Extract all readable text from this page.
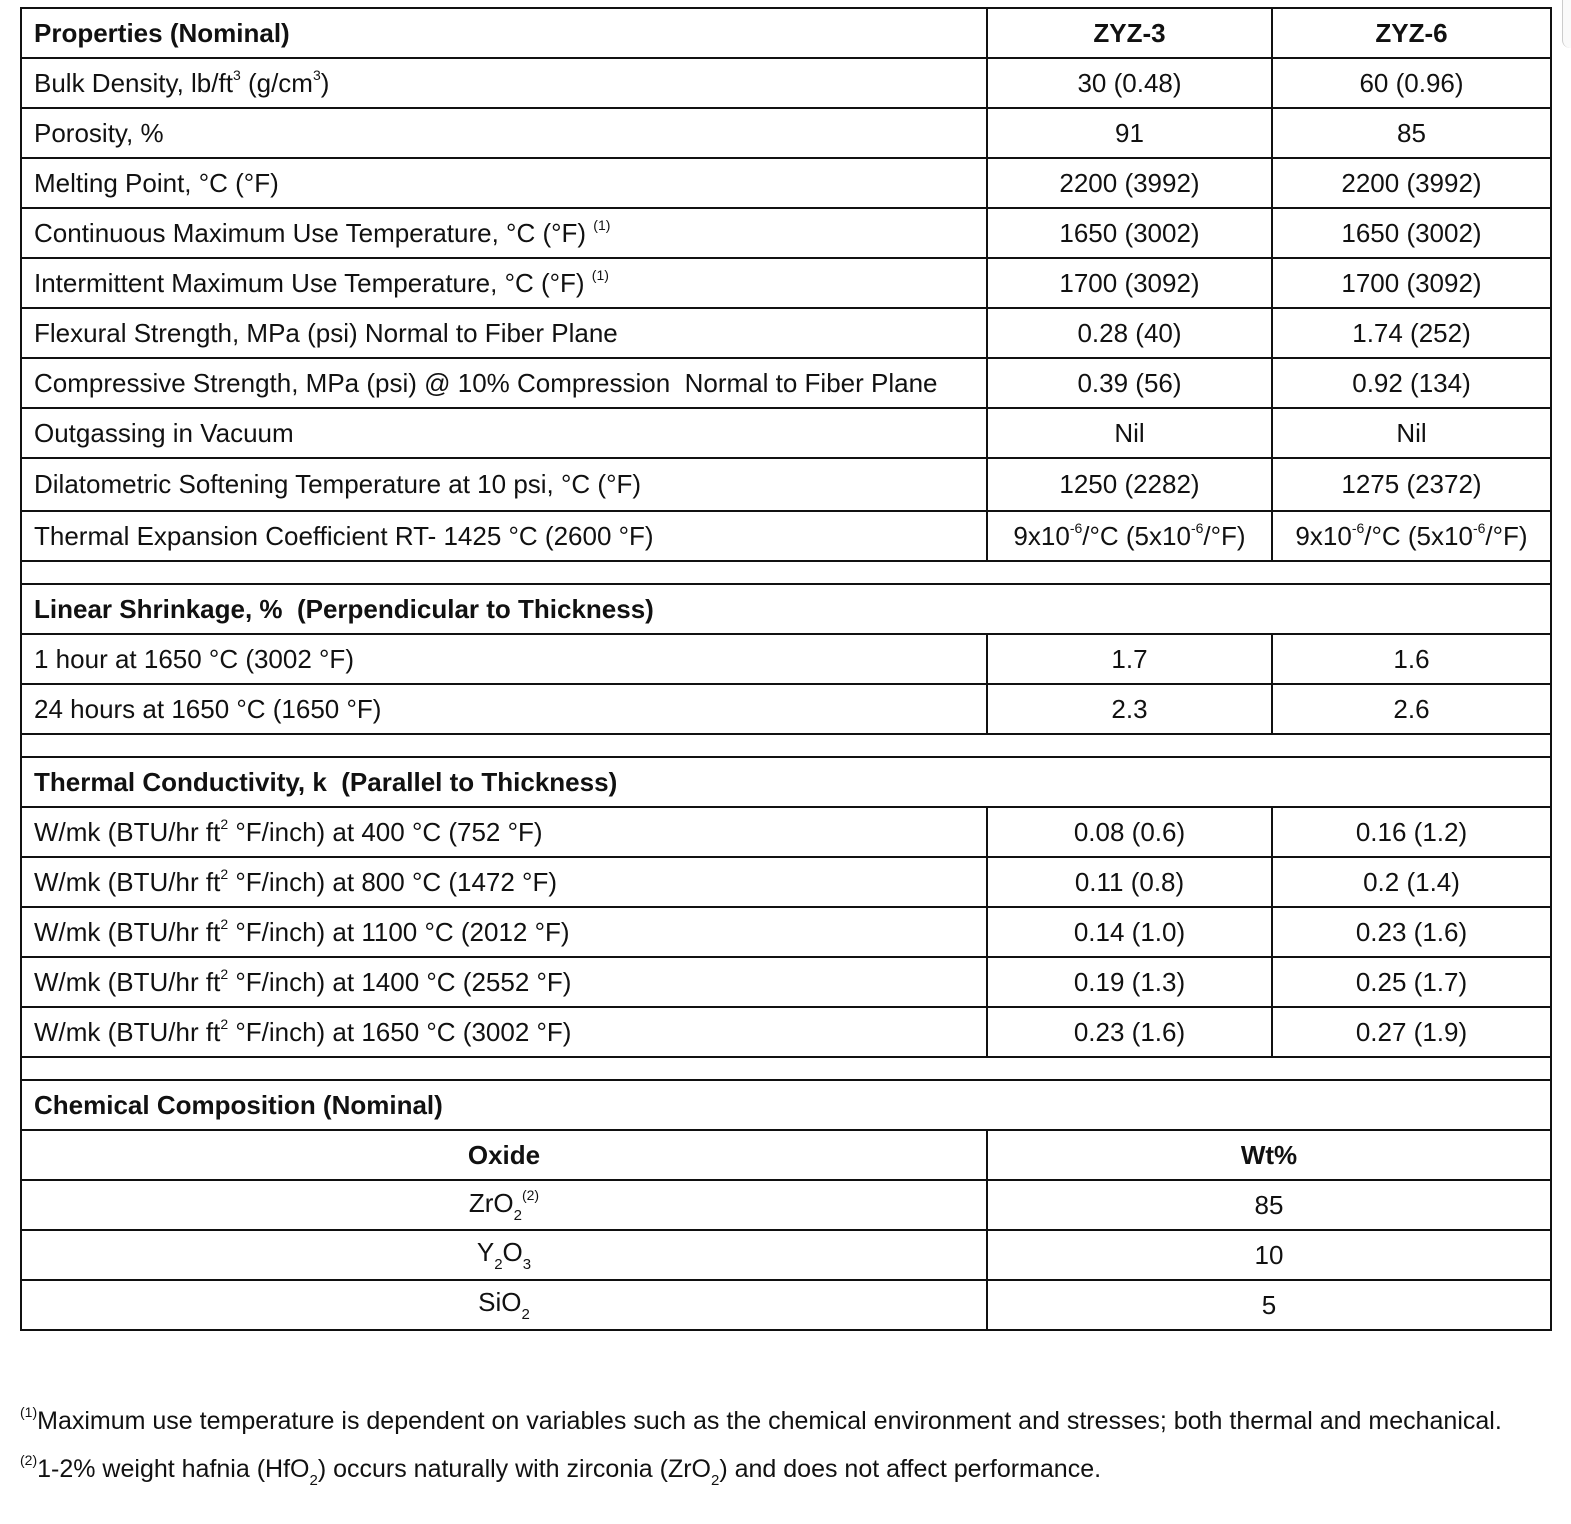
Properties (Nominal)	ZYZ-3	ZYZ-6
Bulk Density, $lb/ft^3$ $(g/cm^3)$	30 (0.48)	60 (0.96)
Porosity, %	91	85
Melting Point, °C (°F)	2200 (3992)	2200 (3992)
Continuous Maximum Use Temperature, °C (°F) $^{(1)}$	1650 (3002)	1650 (3002)
Intermittent Maximum Use Temperature, °C (°F) $^{(1)}$	1700 (3092)	1700 (3092)
Flexural Strength, MPa (psi) Normal to Fiber Plane	0.28 (40)	1.74 (252)
Compressive Strength, MPa (psi) @ 10% Compression  Normal to Fiber Plane	0.39 (56)	0.92 (134)
Outgassing in Vacuum	Nil	Nil
Dilatometric Softening Temperature at 10 psi, °C (°F)	1250 (2282)	1275 (2372)
Thermal Expansion Coefficient RT- 1425 °C (2600 °F)	$9x10^{-6}/^\circ C$ $(5x10^{-6}/^\circ F)$	$9x10^{-6}/^\circ C$ $(5x10^{-6}/^\circ F)$

Linear Shrinkage, %  (Perpendicular to Thickness)		
1 hour at 1650 °C (3002 °F)	1.7	1.6
24 hours at 1650 °C (1650 °F)	2.3	2.6

Thermal Conductivity, k  (Parallel to Thickness)		
W/mk (BTU/hr $ft^2$ °F/inch) at 400 °C (752 °F)	0.08 (0.6)	0.16 (1.2)
W/mk (BTU/hr $ft^2$ °F/inch) at 800 °C (1472 °F)	0.11 (0.8)	0.2 (1.4)
W/mk (BTU/hr $ft^2$ °F/inch) at 1100 °C (2012 °F)	0.14 (1.0)	0.23 (1.6)
W/mk (BTU/hr $ft^2$ °F/inch) at 1400 °C (2552 °F)	0.19 (1.3)	0.25 (1.7)
W/mk (BTU/hr $ft^2$ °F/inch) at 1650 °C (3002 °F)	0.23 (1.6)	0.27 (1.9)

Chemical Composition (Nominal)		
Oxide	Wt%	
ZrO$_2^{(2)}$	85	
$Y_2O_3$	10	
SiO$_2$	5	
$^{(1)}$Maximum use temperature is dependent on variables such as the chemical environment and stresses; both thermal and mechanical.
$^{(2)}$1-2% weight hafnia (HfO$_2$) occurs naturally with zirconia (ZrO$_2$) and does not affect performance.
